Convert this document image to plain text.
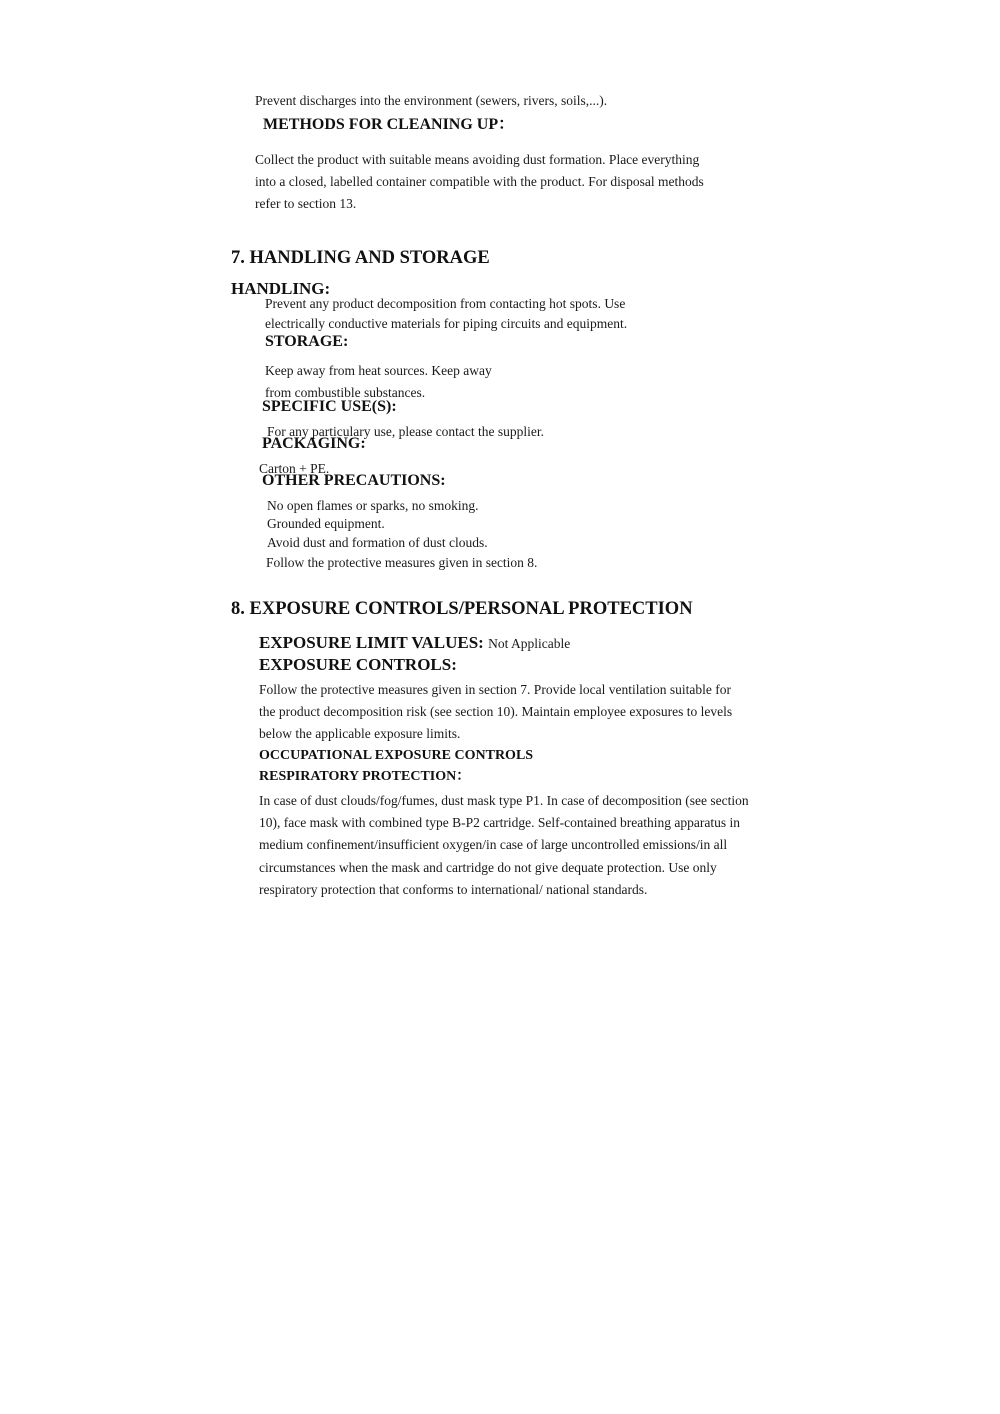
Prevent discharges into the environment (sewers, rivers, soils,...).
METHODS FOR CLEANING UP：
Collect the product with suitable means avoiding dust formation. Place everything
into a closed, labelled container compatible with the product. For disposal methods
refer to section 13.
7. HANDLING AND STORAGE
HANDLING:
Prevent any product decomposition from contacting hot spots. Use
electrically conductive materials for piping circuits and equipment.
STORAGE:
Keep away from heat sources. Keep away
from combustible substances.
SPECIFIC USE(S):
For any particulary use, please contact the supplier.
PACKAGING:
Carton + PE.
OTHER PRECAUTIONS:
No open flames or sparks, no smoking.
Grounded equipment.
Avoid dust and formation of dust clouds.
Follow the protective measures given in section 8.
8. EXPOSURE CONTROLS/PERSONAL PROTECTION
EXPOSURE LIMIT VALUES: Not Applicable
EXPOSURE CONTROLS:
Follow the protective measures given in section 7. Provide local ventilation suitable for
the product decomposition risk (see section 10). Maintain employee exposures to levels
below the applicable exposure limits.
OCCUPATIONAL EXPOSURE CONTROLS
RESPIRATORY PROTECTION：
In case of dust clouds/fog/fumes, dust mask type P1. In case of decomposition (see section
10), face mask with combined type B-P2 cartridge. Self-contained breathing apparatus in
medium confinement/insufficient oxygen/in case of large uncontrolled emissions/in all
circumstances when the mask and cartridge do not give dequate protection. Use only
respiratory protection that conforms to international/ national standards.
